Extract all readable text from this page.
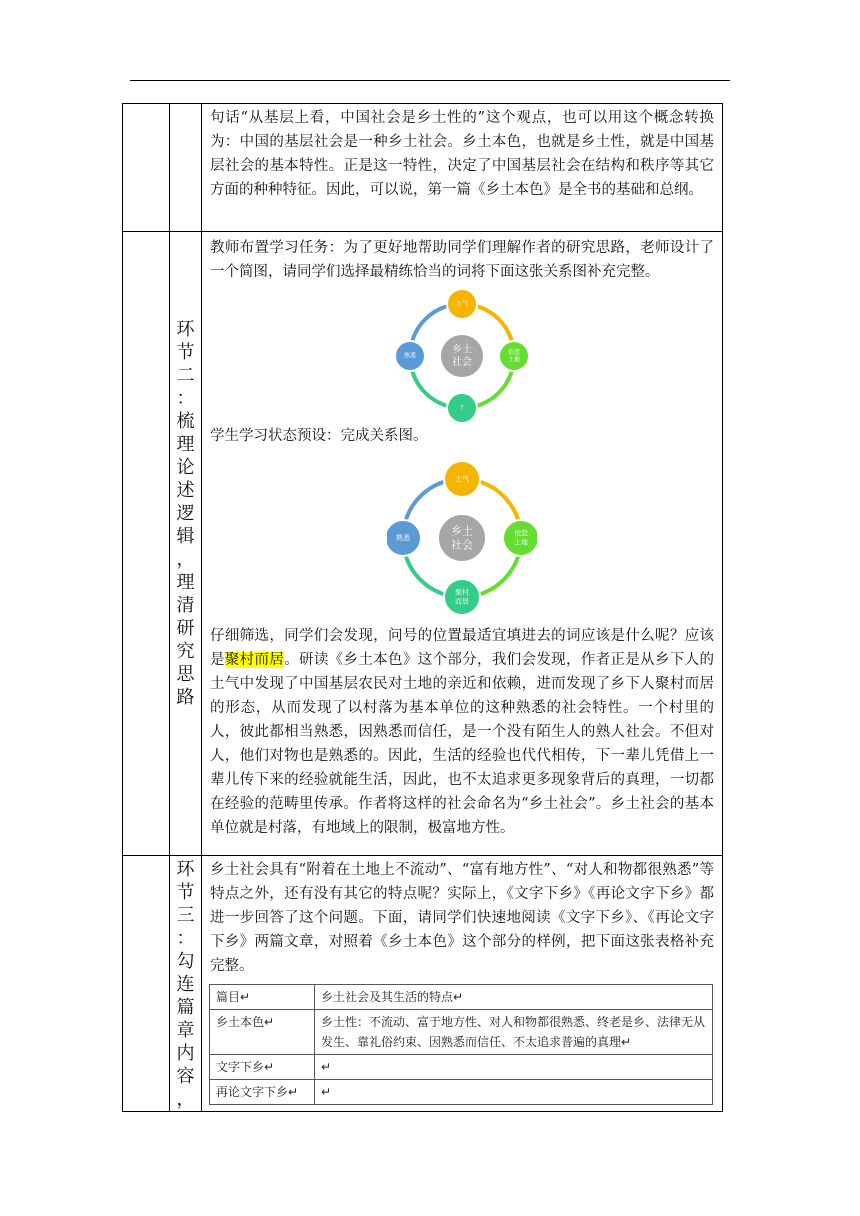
句话“从基层上看，中国社会是乡土性的”这个观点，也可以用这个概念转换为：中国的基层社会是一种乡土社会。乡土本色，也就是乡土性，就是中国基层社会的基本特性。正是这一特性，决定了中国基层社会在结构和秩序等其它方面的种种特征。因此，可以说，第一篇《乡土本色》是全书的基础和总纲。

环
节
二
：
梳
理
论
述
逻
辑
，
理
清
研
究
思
路

教师布置学习任务：为了更好地帮助同学们理解作者的研究思路，老师设计了一个简图，请同学们选择最精练恰当的词将下面这张关系图补充完整。

乡土
社会
土气
依恋
土地
?
熟悉

学生学习状态预设：完成关系图。

乡土
社会
土气
依恋
土地
聚村
而居
熟悉

仔细筛选，同学们会发现，问号的位置最适宜填进去的词应该是什么呢？应该是聚村而居。研读《乡土本色》这个部分，我们会发现，作者正是从乡下人的土气中发现了中国基层农民对土地的亲近和依赖，进而发现了乡下人聚村而居的形态，从而发现了以村落为基本单位的这种熟悉的社会特性。一个村里的人，彼此都相当熟悉，因熟悉而信任，是一个没有陌生人的熟人社会。不但对人，他们对物也是熟悉的。因此，生活的经验也代代相传，下一辈儿凭借上一辈儿传下来的经验就能生活，因此，也不太追求更多现象背后的真理，一切都在经验的范畴里传承。作者将这样的社会命名为“乡土社会”。乡土社会的基本单位就是村落，有地域上的限制，极富地方性。

环
节
三
：
勾
连
篇
章
内
容
，

乡土社会具有“附着在土地上不流动”、“富有地方性”、“对人和物都很熟悉”等特点之外，还有没有其它的特点呢？实际上，《文字下乡》《再论文字下乡》都进一步回答了这个问题。下面，请同学们快速地阅读《文字下乡》、《再论文字下乡》两篇文章，对照着《乡土本色》这个部分的样例，把下面这张表格补充完整。

篇目↵	乡土社会及其生活的特点↵
乡土本色↵	乡土性：不流动、富于地方性、对人和物都很熟悉、终老是乡、法律无从发生、靠礼俗约束、因熟悉而信任、不太追求普遍的真理↵
文字下乡↵	↵
再论文字下乡↵	↵
